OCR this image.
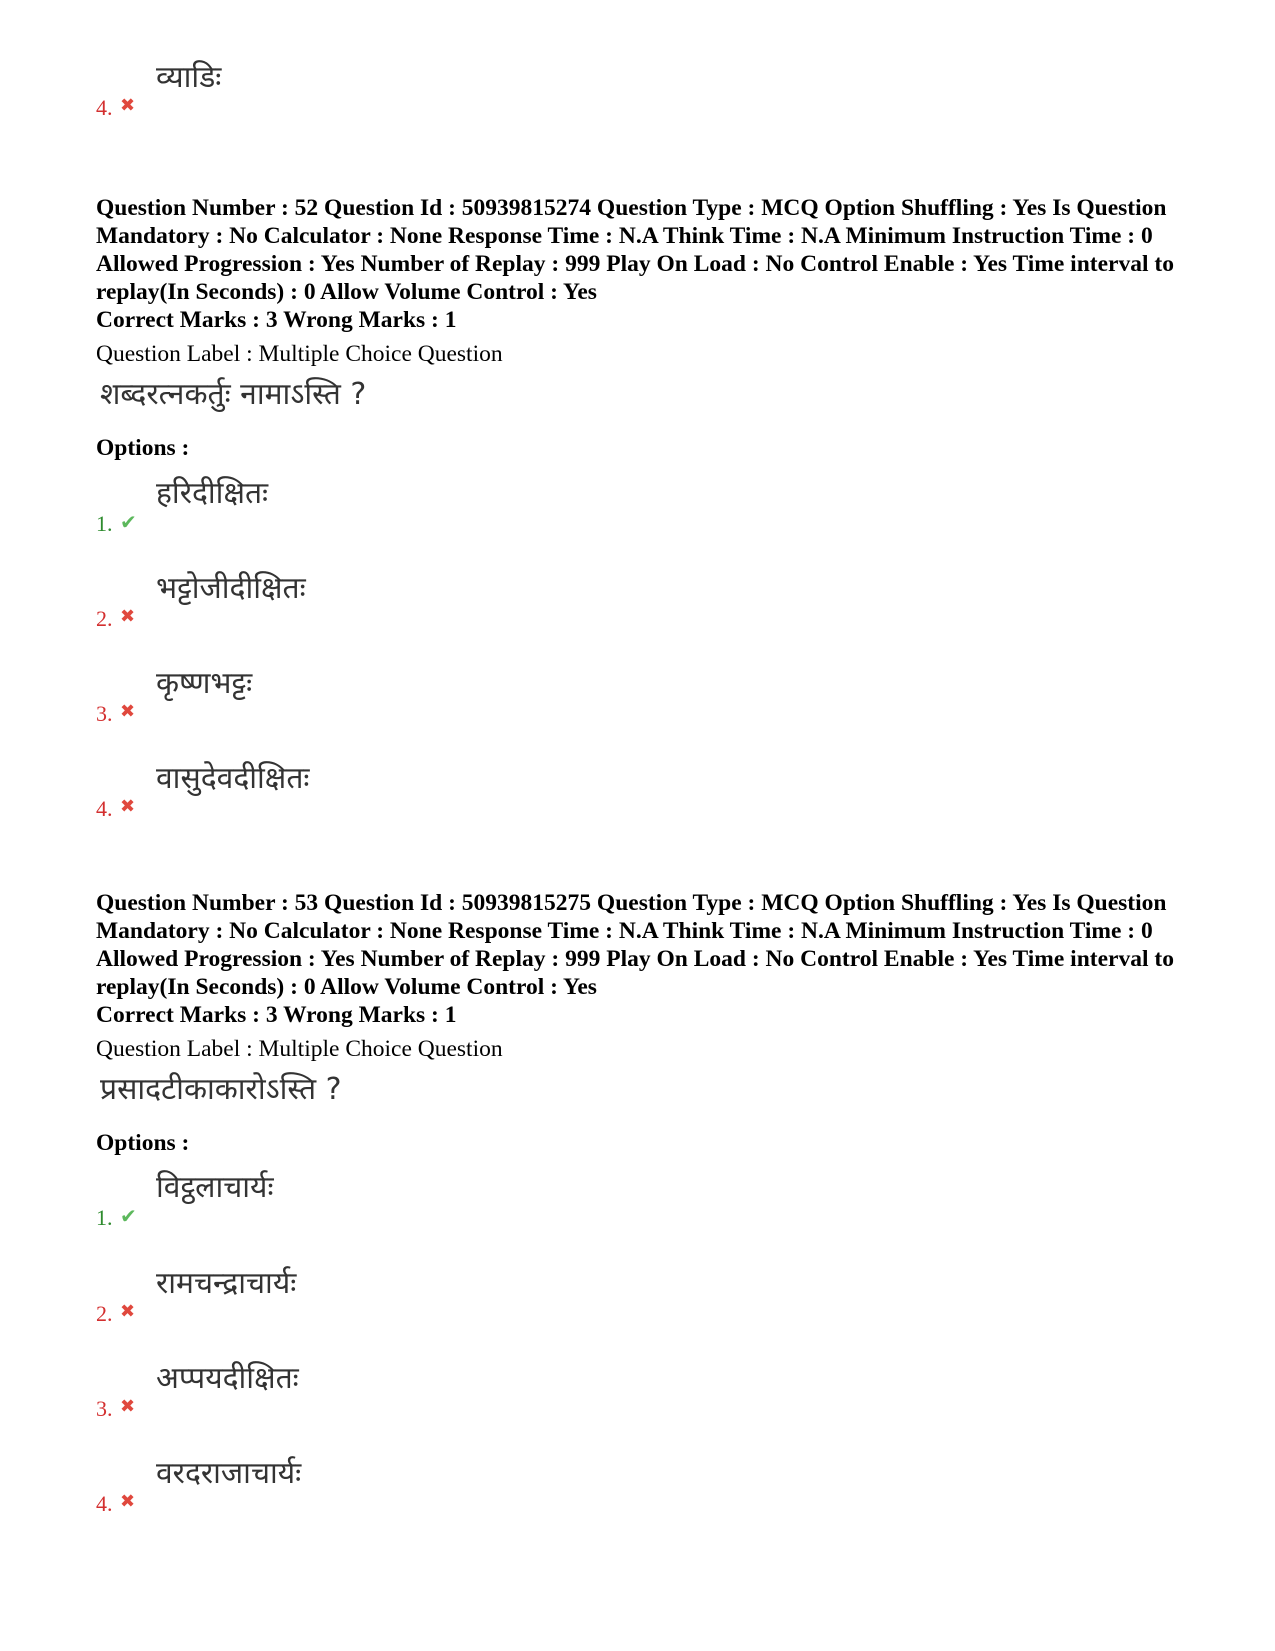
4. ✖
व्याडिः
Question Number : 52 Question Id : 50939815274 Question Type : MCQ Option Shuffling : Yes Is Question Mandatory : No Calculator : None Response Time : N.A Think Time : N.A Minimum Instruction Time : 0 Allowed Progression : Yes Number of Replay : 999 Play On Load : No Control Enable : Yes Time interval to replay(In Seconds) : 0 Allow Volume Control : Yes
Correct Marks : 3 Wrong Marks : 1
Question Label : Multiple Choice Question
शब्दरत्नकर्तुः नामाऽस्ति ?
Options :
1. ✔
हरिदीक्षितः
2. ✖
भट्टोजीदीक्षितः
3. ✖
कृष्णभट्टः
4. ✖
वासुदेवदीक्षितः
Question Number : 53 Question Id : 50939815275 Question Type : MCQ Option Shuffling : Yes Is Question Mandatory : No Calculator : None Response Time : N.A Think Time : N.A Minimum Instruction Time : 0 Allowed Progression : Yes Number of Replay : 999 Play On Load : No Control Enable : Yes Time interval to replay(In Seconds) : 0 Allow Volume Control : Yes
Correct Marks : 3 Wrong Marks : 1
Question Label : Multiple Choice Question
प्रसादटीकाकारोऽस्ति ?
Options :
1. ✔
विट्ठलाचार्यः
2. ✖
रामचन्द्राचार्यः
3. ✖
अप्पयदीक्षितः
4. ✖
वरदराजाचार्यः
